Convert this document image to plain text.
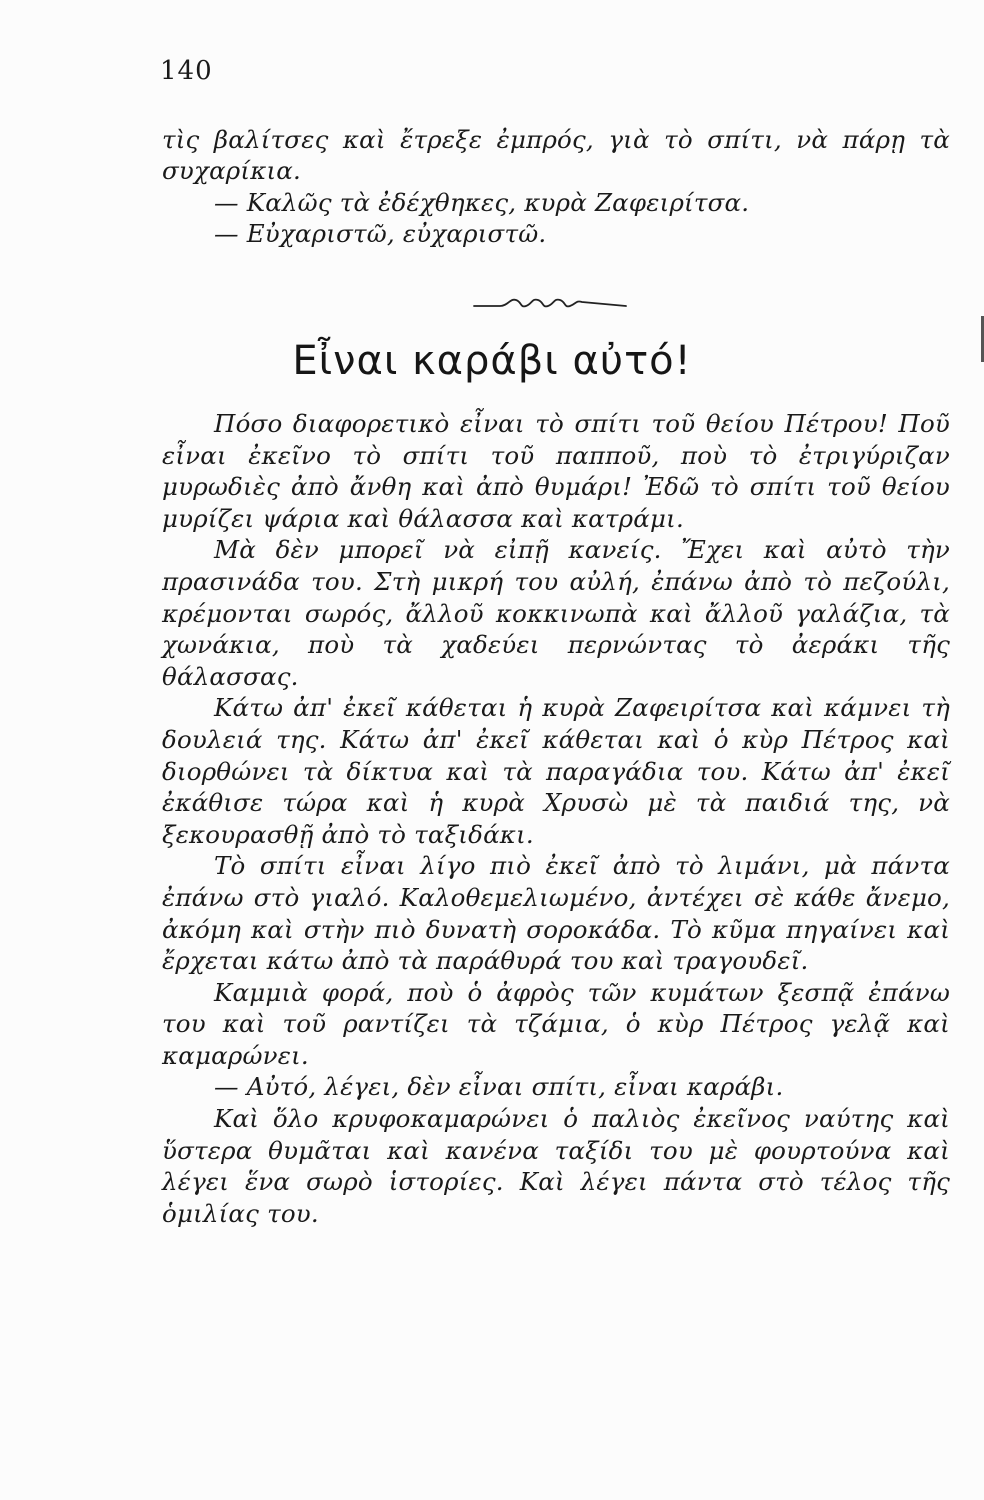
140

τὶς βαλίτσες καὶ ἔτρεξε ἐμπρός, γιὰ τὸ σπίτι, νὰ πάρῃ τὰ συχαρίκια.

— Καλῶς τὰ ἐδέχθηκες, κυρὰ Ζαφειρίτσα.

— Εὐχαριστῶ, εὐχαριστῶ.

Εἶναι καράβι αὐτό!

Πόσο διαφορετικὸ εἶναι τὸ σπίτι τοῦ θείου Πέτρου! Ποῦ εἶναι ἐκεῖνο τὸ σπίτι τοῦ παπποῦ, ποὺ τὸ ἐτριγύριζαν μυρωδιὲς ἀπὸ ἄνθη καὶ ἀπὸ θυμάρι! Ἐδῶ τὸ σπίτι τοῦ θείου μυρίζει ψάρια καὶ θάλασσα καὶ κατράμι.

Μὰ δὲν μπορεῖ νὰ εἰπῇ κανείς. Ἔχει καὶ αὐτὸ τὴν πρασινάδα του. Στὴ μικρή του αὐλή, ἐπάνω ἀπὸ τὸ πεζούλι, κρέμονται σωρός, ἄλλοῦ κοκκινωπὰ καὶ ἄλλοῦ γαλάζια, τὰ χωνάκια, ποὺ τὰ χαδεύει περνώντας τὸ ἀεράκι τῆς θάλασσας.

Κάτω ἀπ' ἐκεῖ κάθεται ἡ κυρὰ Ζαφειρίτσα καὶ κάμνει τὴ δουλειά της. Κάτω ἀπ' ἐκεῖ κάθεται καὶ ὁ κὺρ Πέτρος καὶ διορθώνει τὰ δίκτυα καὶ τὰ παραγάδια του. Κάτω ἀπ' ἐκεῖ ἐκάθισε τώρα καὶ ἡ κυρὰ Χρυσὼ μὲ τὰ παιδιά της, νὰ ξεκουρασθῇ ἀπὸ τὸ ταξιδάκι.

Τὸ σπίτι εἶναι λίγο πιὸ ἐκεῖ ἀπὸ τὸ λιμάνι, μὰ πάντα ἐπάνω στὸ γιαλό. Καλοθεμελιωμένο, ἀντέχει σὲ κάθε ἄνεμο, ἀκόμη καὶ στὴν πιὸ δυνατὴ σοροκάδα. Τὸ κῦμα πηγαίνει καὶ ἔρχεται κάτω ἀπὸ τὰ παράθυρά του καὶ τραγουδεῖ.

Καμμιὰ φορά, ποὺ ὁ ἀφρὸς τῶν κυμάτων ξεσπᾷ ἐπάνω του καὶ τοῦ ραντίζει τὰ τζάμια, ὁ κὺρ Πέτρος γελᾷ καὶ καμαρώνει.

— Αὐτό, λέγει, δὲν εἶναι σπίτι, εἶναι καράβι.

Καὶ ὅλο κρυφοκαμαρώνει ὁ παλιὸς ἐκεῖνος ναύτης καὶ ὕστερα θυμᾶται καὶ κανένα ταξίδι του μὲ φουρτούνα καὶ λέγει ἕνα σωρὸ ἱστορίες. Καὶ λέγει πάντα στὸ τέλος τῆς ὁμιλίας του.
